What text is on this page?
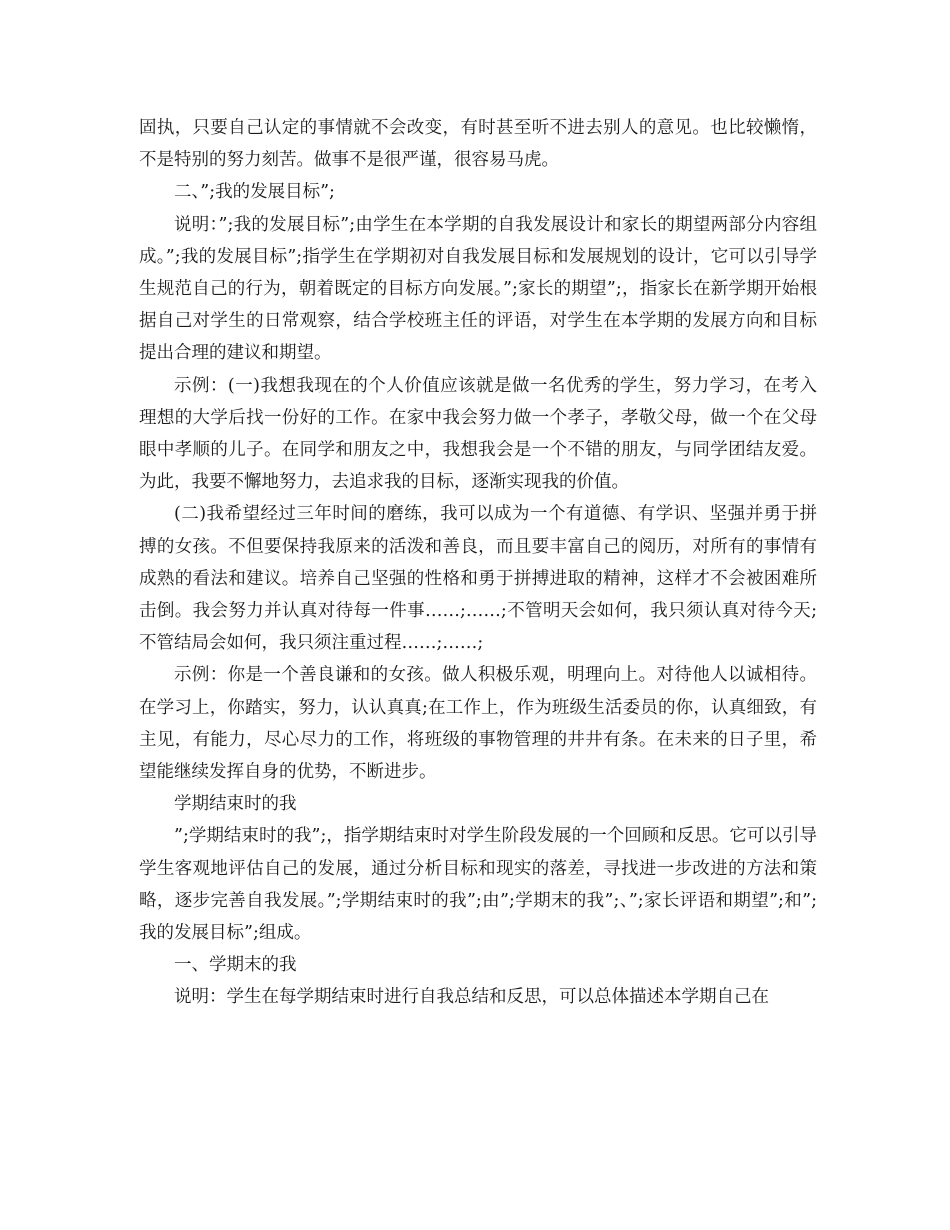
固执，只要自己认定的事情就不会改变，有时甚至听不进去别人的意见。也比较懒惰，不是特别的努力刻苦。做事不是很严谨，很容易马虎。

二、”;我的发展目标”;

说明：”;我的发展目标”;由学生在本学期的自我发展设计和家长的期望两部分内容组成。”;我的发展目标”;指学生在学期初对自我发展目标和发展规划的设计，它可以引导学生规范自己的行为，朝着既定的目标方向发展。”;家长的期望”;，指家长在新学期开始根据自己对学生的日常观察，结合学校班主任的评语，对学生在本学期的发展方向和目标提出合理的建议和期望。

示例：(一)我想我现在的个人价值应该就是做一名优秀的学生，努力学习，在考入理想的大学后找一份好的工作。在家中我会努力做一个孝子，孝敬父母，做一个在父母眼中孝顺的儿子。在同学和朋友之中，我想我会是一个不错的朋友，与同学团结友爱。为此，我要不懈地努力，去追求我的目标，逐渐实现我的价值。

(二)我希望经过三年时间的磨练，我可以成为一个有道德、有学识、坚强并勇于拼搏的女孩。不但要保持我原来的活泼和善良，而且要丰富自己的阅历，对所有的事情有成熟的看法和建议。培养自己坚强的性格和勇于拼搏进取的精神，这样才不会被困难所击倒。我会努力并认真对待每一件事……;……;不管明天会如何，我只须认真对待今天;不管结局会如何，我只须注重过程……;……;

示例：你是一个善良谦和的女孩。做人积极乐观，明理向上。对待他人以诚相待。在学习上，你踏实，努力，认认真真;在工作上，作为班级生活委员的你，认真细致，有主见，有能力，尽心尽力的工作，将班级的事物管理的井井有条。在未来的日子里，希望能继续发挥自身的优势，不断进步。

学期结束时的我

”;学期结束时的我”;，指学期结束时对学生阶段发展的一个回顾和反思。它可以引导学生客观地评估自己的发展，通过分析目标和现实的落差，寻找进一步改进的方法和策略，逐步完善自我发展。”;学期结束时的我”;由”;学期末的我”;、”;家长评语和期望”;和”;我的发展目标”;组成。

一、学期末的我

说明：学生在每学期结束时进行自我总结和反思，可以总体描述本学期自己在
